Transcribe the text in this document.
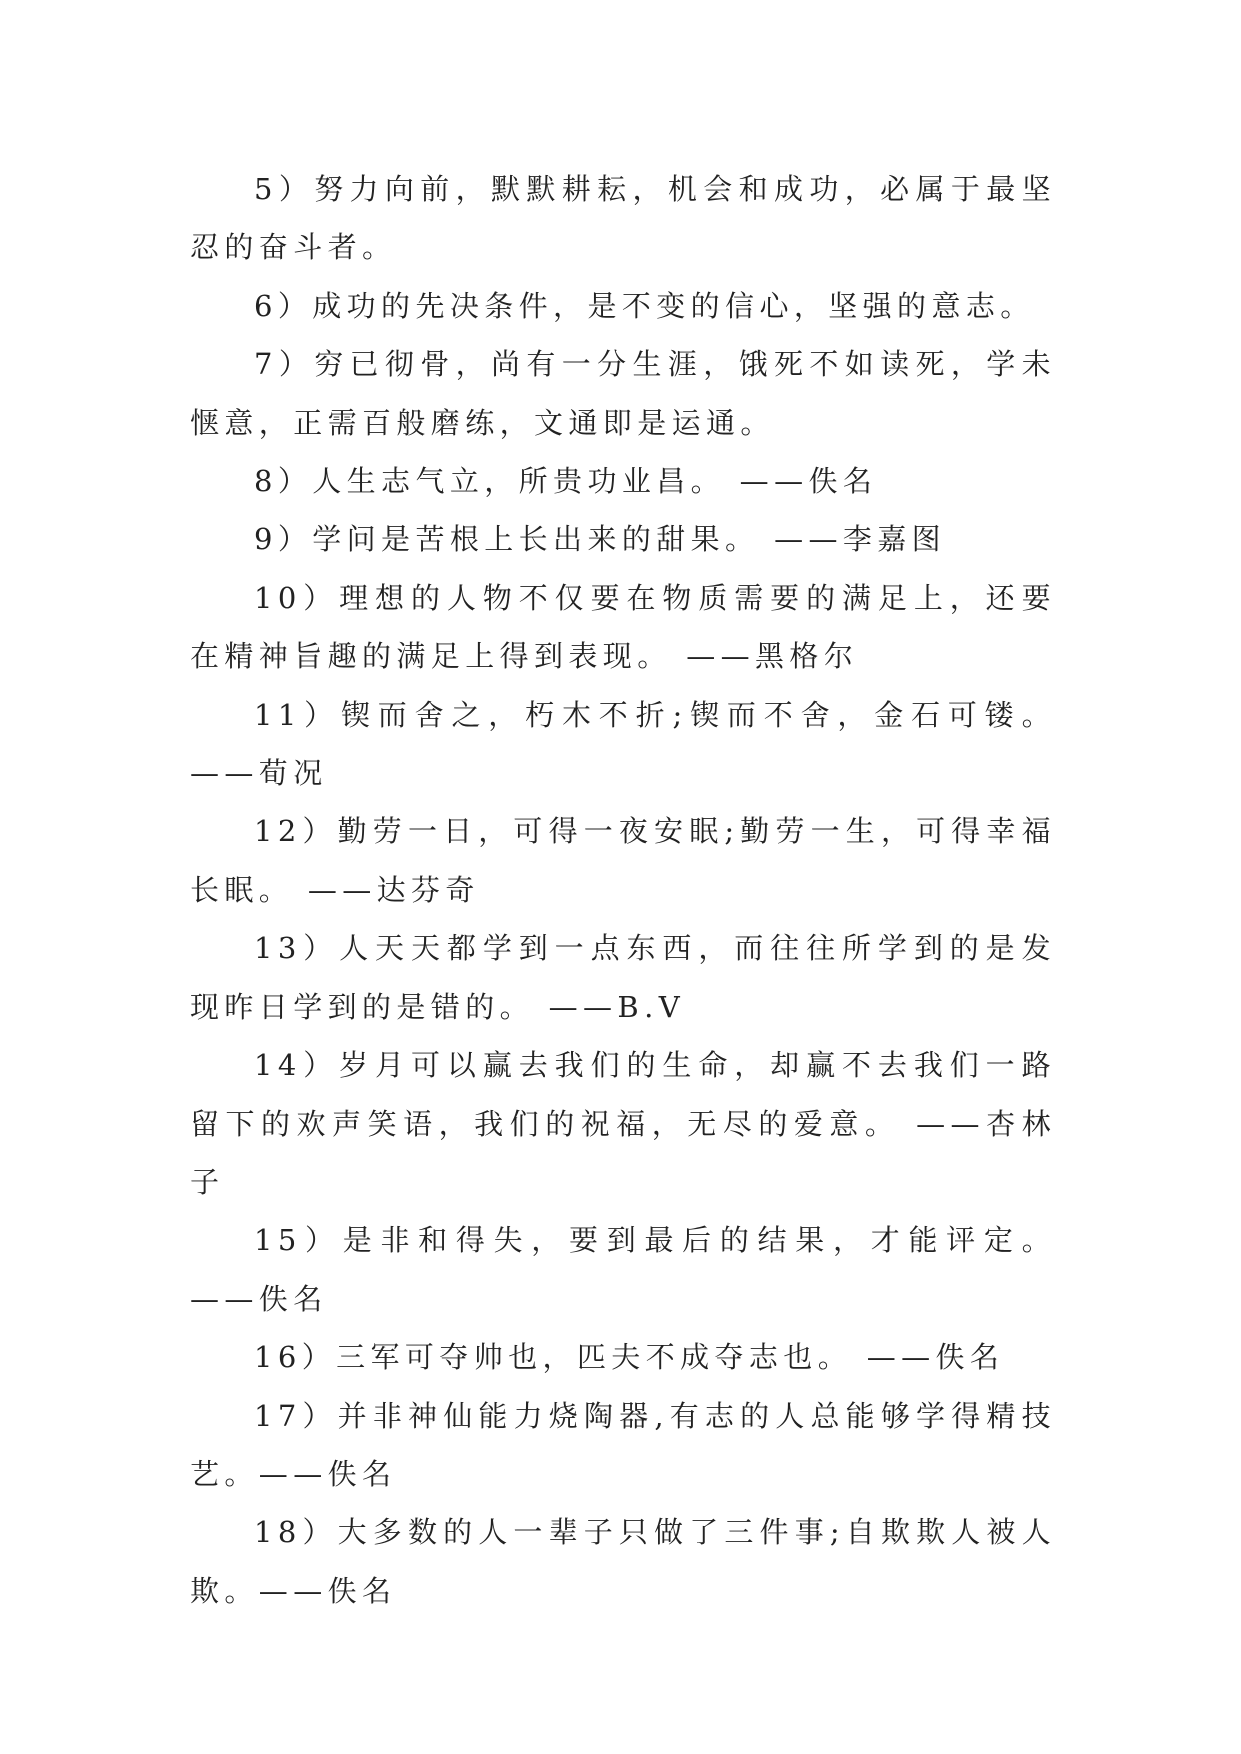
5）努力向前，默默耕耘，机会和成功，必属于最坚忍的奋斗者。

6）成功的先决条件，是不变的信心，坚强的意志。

7）穷已彻骨，尚有一分生涯，饿死不如读死，学未惬意，正需百般磨练，文通即是运通。

8）人生志气立，所贵功业昌。 ——佚名

9）学问是苦根上长出来的甜果。 ——李嘉图

10）理想的人物不仅要在物质需要的满足上，还要在精神旨趣的满足上得到表现。 ——黑格尔

11）锲而舍之，朽木不折;锲而不舍，金石可镂。 ——荀况

12）勤劳一日，可得一夜安眠;勤劳一生，可得幸福长眠。 ——达芬奇

13）人天天都学到一点东西，而往往所学到的是发现昨日学到的是错的。 ——B.V

14）岁月可以赢去我们的生命，却赢不去我们一路留下的欢声笑语，我们的祝福，无尽的爱意。 ——杏林子

15）是非和得失，要到最后的结果，才能评定。 ——佚名

16）三军可夺帅也，匹夫不成夺志也。 ——佚名

17）并非神仙能力烧陶器,有志的人总能够学得精技艺。——佚名

18）大多数的人一辈子只做了三件事;自欺欺人被人欺。——佚名
